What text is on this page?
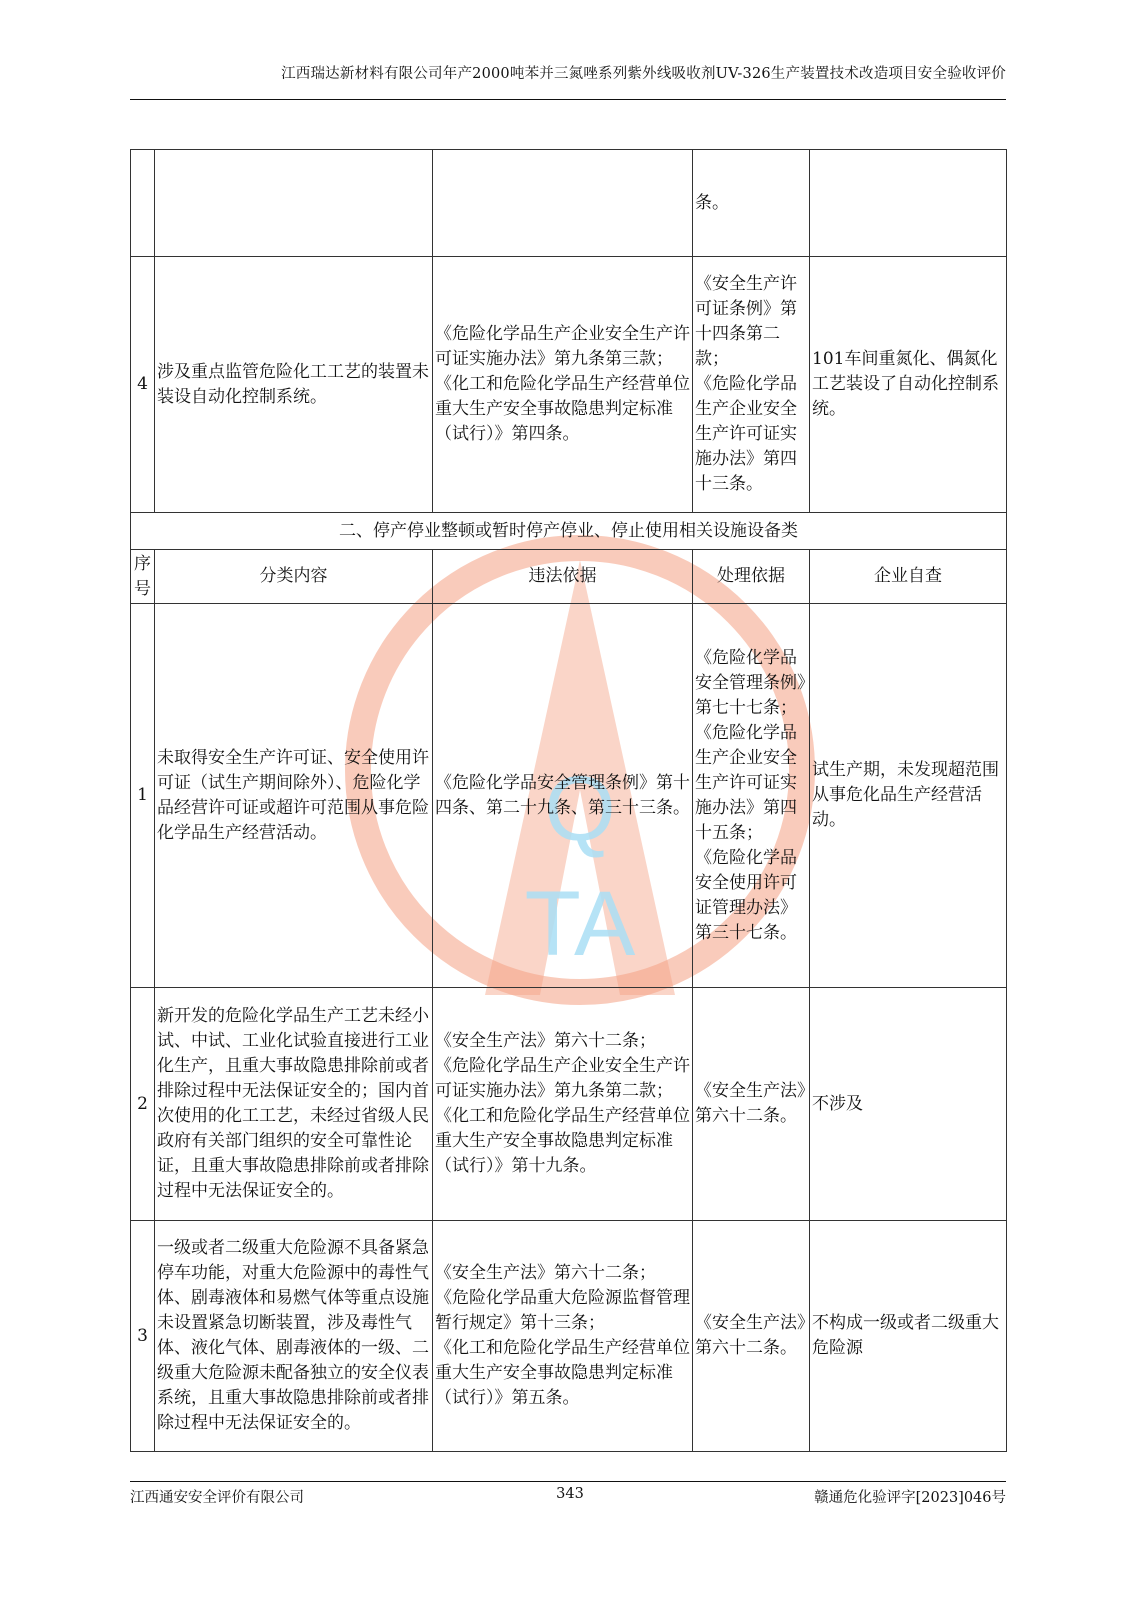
江西瑞达新材料有限公司年产2000吨苯并三氮唑系列紫外线吸收剂UV-326生产装置技术改造项目安全验收评价
Q
TA
			条。	
4	涉及重点监管危险化工工艺的装置未装设自动化控制系统。	《危险化学品生产企业安全生产许可证实施办法》第九条第三款；
《化工和危险化学品生产经营单位重大生产安全事故隐患判定标准（试行）》第四条。	《安全生产许可证条例》第十四条第二款；
《危险化学品生产企业安全生产许可证实施办法》第四十三条。	101车间重氮化、偶氮化工艺装设了自动化控制系统。
二、停产停业整顿或暂时停产停业、停止使用相关设施设备类				
序号	分类内容	违法依据	处理依据	企业自查
1	未取得安全生产许可证、安全使用许可证（试生产期间除外）、危险化学品经营许可证或超许可范围从事危险化学品生产经营活动。	《危险化学品安全管理条例》第十四条、第二十九条、第三十三条。	《危险化学品安全管理条例》第七十七条；
《危险化学品生产企业安全生产许可证实施办法》第四十五条；
《危险化学品安全使用许可证管理办法》第三十七条。	试生产期，未发现超范围从事危化品生产经营活动。
2	新开发的危险化学品生产工艺未经小试、中试、工业化试验直接进行工业化生产，且重大事故隐患排除前或者排除过程中无法保证安全的；国内首次使用的化工工艺，未经过省级人民政府有关部门组织的安全可靠性论证，且重大事故隐患排除前或者排除过程中无法保证安全的。	《安全生产法》第六十二条；
《危险化学品生产企业安全生产许可证实施办法》第九条第二款；
《化工和危险化学品生产经营单位重大生产安全事故隐患判定标准（试行）》第十九条。	《安全生产法》第六十二条。	不涉及
3	一级或者二级重大危险源不具备紧急停车功能，对重大危险源中的毒性气体、剧毒液体和易燃气体等重点设施未设置紧急切断装置，涉及毒性气体、液化气体、剧毒液体的一级、二级重大危险源未配备独立的安全仪表系统，且重大事故隐患排除前或者排除过程中无法保证安全的。	《安全生产法》第六十二条；
《危险化学品重大危险源监督管理暂行规定》第十三条；
《化工和危险化学品生产经营单位重大生产安全事故隐患判定标准（试行）》第五条。	《安全生产法》第六十二条。	不构成一级或者二级重大危险源
江西通安安全评价有限公司	343	赣通危化验评字[2023]046号
